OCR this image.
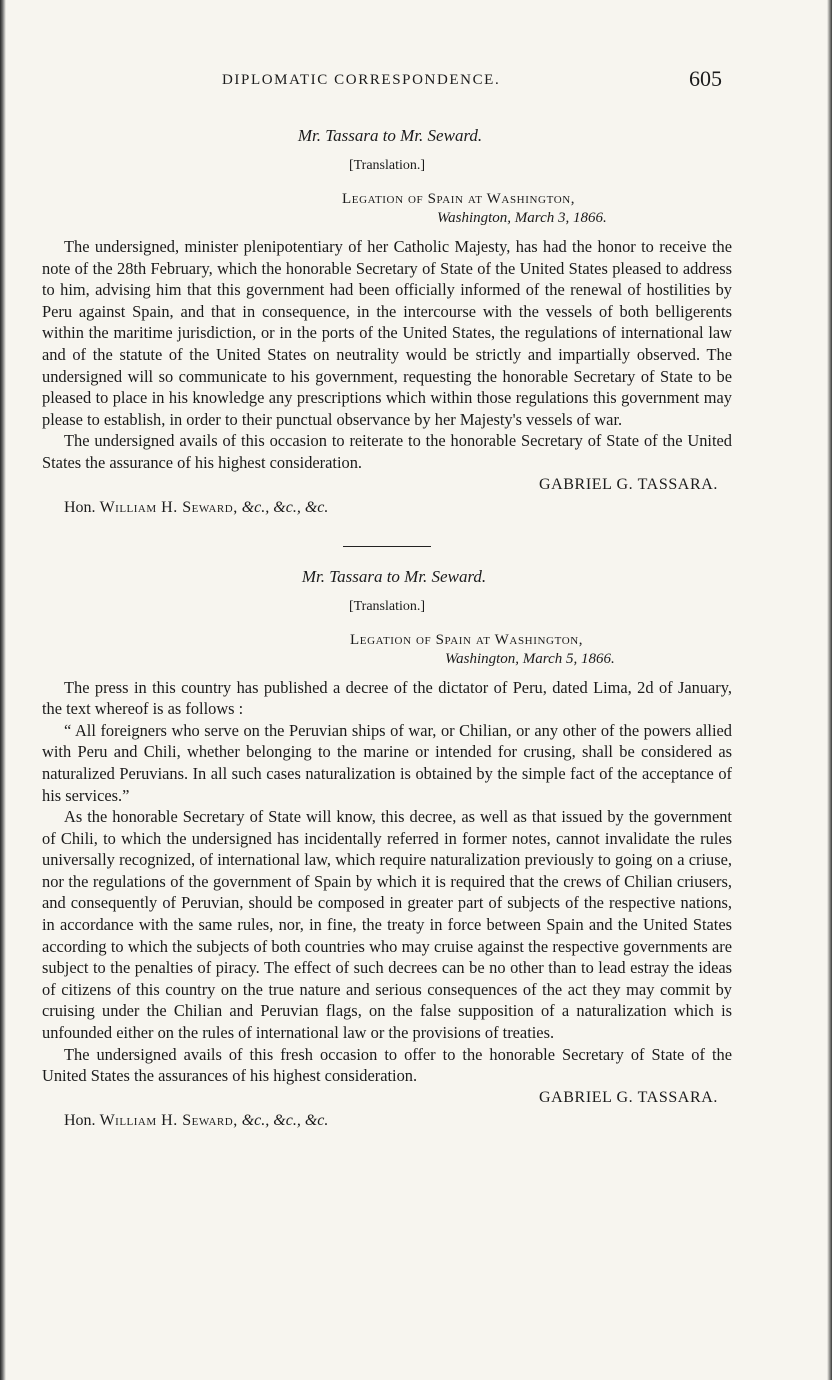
DIPLOMATIC CORRESPONDENCE.	605
Mr. Tassara to Mr. Seward.
[Translation.]
Legation of Spain at Washington,
Washington, March 3, 1866.

The undersigned, minister plenipotentiary of her Catholic Majesty, has had the honor to receive the note of the 28th February, which the honorable Secretary of State of the United States pleased to address to him, advising him that this government had been officially informed of the renewal of hostilities by Peru against Spain, and that in consequence, in the intercourse with the vessels of both belligerents within the maritime jurisdiction, or in the ports of the United States, the regulations of international law and of the statute of the United States on neutrality would be strictly and impartially observed. The undersigned will so communicate to his government, requesting the honorable Secretary of State to be pleased to place in his knowledge any prescriptions which within those regulations this government may please to establish, in order to their punctual observance by her Majesty's vessels of war.

The undersigned avails of this occasion to reiterate to the honorable Secretary of State of the United States the assurance of his highest consideration.

GABRIEL G. TASSARA.
Hon. William H. Seward, &c., &c., &c.
Mr. Tassara to Mr. Seward.
[Translation.]
Legation of Spain at Washington,
Washington, March 5, 1866.

The press in this country has published a decree of the dictator of Peru, dated Lima, 2d of January, the text whereof is as follows :

“ All foreigners who serve on the Peruvian ships of war, or Chilian, or any other of the powers allied with Peru and Chili, whether belonging to the marine or intended for crusing, shall be considered as naturalized Peruvians. In all such cases naturalization is obtained by the simple fact of the acceptance of his services.”

As the honorable Secretary of State will know, this decree, as well as that issued by the government of Chili, to which the undersigned has incidentally referred in former notes, cannot invalidate the rules universally recognized, of international law, which require naturalization previously to going on a criuse, nor the regulations of the government of Spain by which it is required that the crews of Chilian criusers, and consequently of Peruvian, should be composed in greater part of subjects of the respective nations, in accordance with the same rules, nor, in fine, the treaty in force between Spain and the United States according to which the subjects of both countries who may cruise against the respective governments are subject to the penalties of piracy. The effect of such decrees can be no other than to lead estray the ideas of citizens of this country on the true nature and serious consequences of the act they may commit by cruising under the Chilian and Peruvian flags, on the false supposition of a naturalization which is unfounded either on the rules of international law or the provisions of treaties.

The undersigned avails of this fresh occasion to offer to the honorable Secretary of State of the United States the assurances of his highest consideration.

GABRIEL G. TASSARA.
Hon. William H. Seward, &c., &c., &c.
